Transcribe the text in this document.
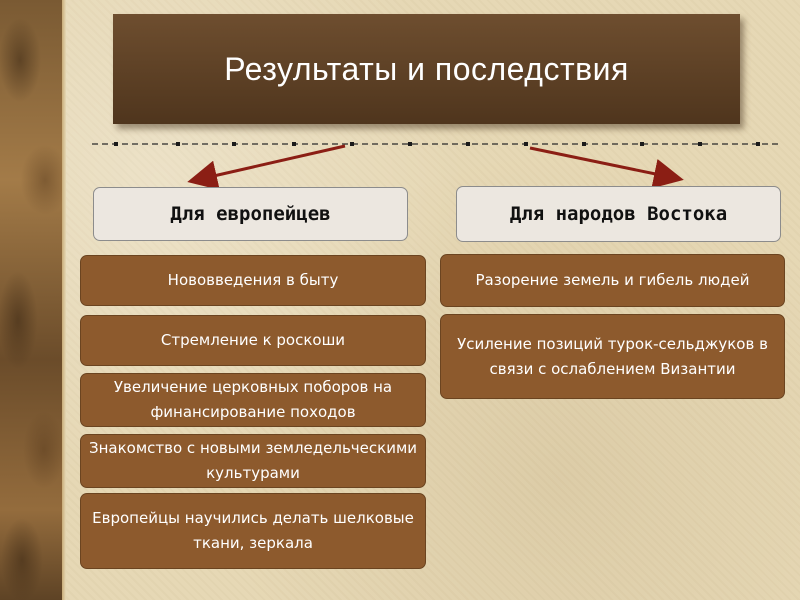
Результаты и последствия
Для европейцев
Нововведения в быту
Стремление к роскоши
Увеличение церковных поборов на финансирование походов
Знакомство с новыми земледельческими культурами
Европейцы научились делать шелковые ткани, зеркала
Для народов Востока
Разорение земель и гибель людей
Усиление позиций турок-сельджуков в связи с ослаблением Византии
